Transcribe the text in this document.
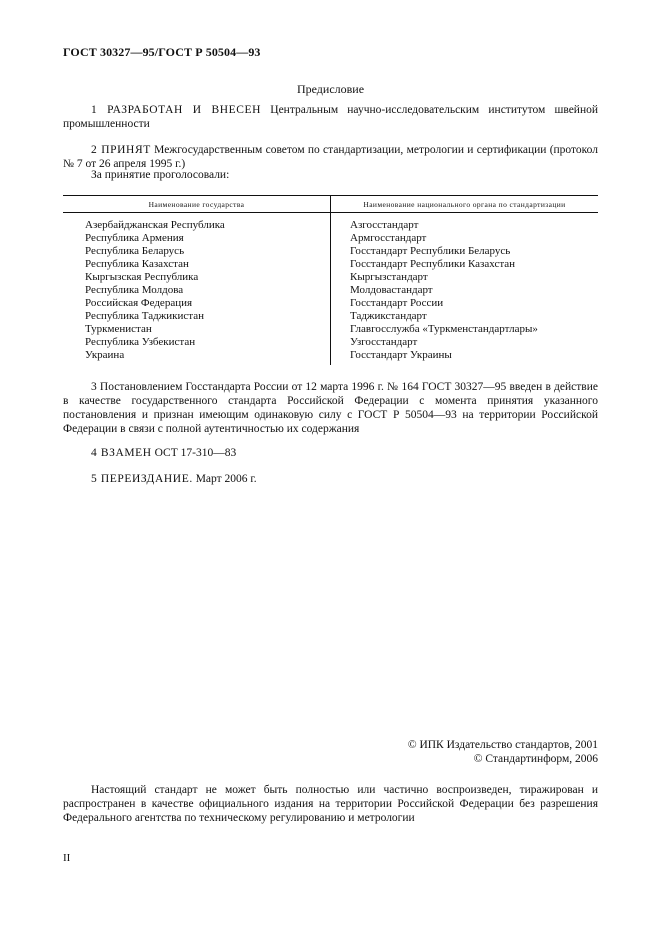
ГОСТ 30327—95/ГОСТ Р 50504—93
Предисловие
1 РАЗРАБОТАН И ВНЕСЕН Центральным научно-исследовательским институтом швейной промышленности
2 ПРИНЯТ Межгосударственным советом по стандартизации, метрологии и сертификации (протокол № 7 от 26 апреля 1995 г.)
За принятие проголосовали:
Наименование государства	Наименование национального органа по стандартизации
Азербайджанская Республика
Республика Армения
Республика Беларусь
Республика Казахстан
Кыргызская Республика
Республика Молдова
Российская Федерация
Республика Таджикистан
Туркменистан
Республика Узбекистан
Украина
Азгосстандарт
Армгосстандарт
Госстандарт Республики Беларусь
Госстандарт Республики Казахстан
Кыргызстандарт
Молдовастандарт
Госстандарт России
Таджикстандарт
Главгосслужба «Туркменстандартлары»
Узгосстандарт
Госстандарт Украины
3 Постановлением Госстандарта России от 12 марта 1996 г. № 164 ГОСТ 30327—95 введен в действие в качестве государственного стандарта Российской Федерации с момента принятия указанного постановления и признан имеющим одинаковую силу с ГОСТ Р 50504—93 на территории Российской Федерации в связи с полной аутентичностью их содержания
4 ВЗАМЕН ОСТ 17-310—83
5 ПЕРЕИЗДАНИЕ. Март 2006 г.
© ИПК Издательство стандартов, 2001
© Стандартинформ, 2006
Настоящий стандарт не может быть полностью или частично воспроизведен, тиражирован и распространен в качестве официального издания на территории Российской Федерации без разрешения Федерального агентства по техническому регулированию и метрологии
II
